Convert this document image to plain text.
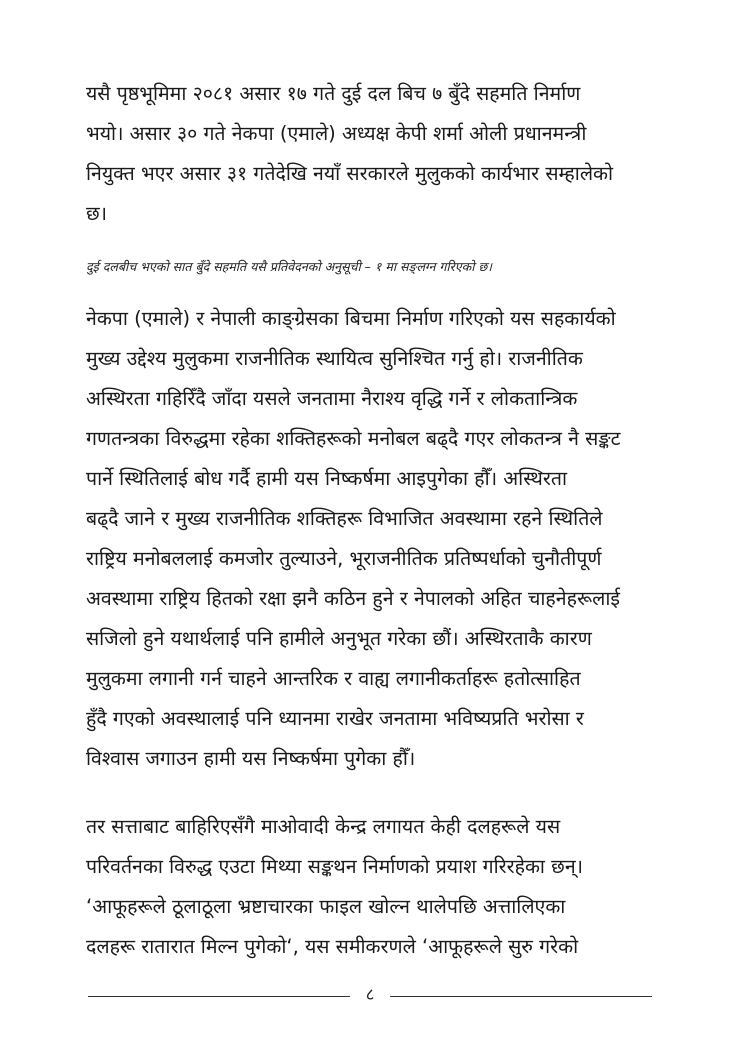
यसै पृष्ठभूमिमा २०८१ असार १७ गते दुई दल बिच ७ बुँदे सहमति निर्माण
भयो। असार ३० गते नेकपा (एमाले) अध्यक्ष केपी शर्मा ओली प्रधानमन्त्री
नियुक्त भएर असार ३१ गतेदेखि नयाँ सरकारले मुलुकको कार्यभार सम्हालेको
छ।
दुई दलबीच भएको सात बुँदे सहमति यसै प्रतिवेदनको अनुसूची – १ मा सङ्लग्न गरिएको छ।
नेकपा (एमाले) र नेपाली काङ्ग्रेसका बिचमा निर्माण गरिएको यस सहकार्यको
मुख्य उद्देश्य मुलुकमा राजनीतिक स्थायित्व सुनिश्चित गर्नु हो। राजनीतिक
अस्थिरता गहिरिँदै जाँदा यसले जनतामा नैराश्य वृद्धि गर्ने र लोकतान्त्रिक
गणतन्त्रका विरुद्धमा रहेका शक्तिहरूको मनोबल बढ्दै गएर लोकतन्त्र नै सङ्कट
पार्ने स्थितिलाई बोध गर्दै हामी यस निष्कर्षमा आइपुगेका हौँ। अस्थिरता
बढ्दै जाने र मुख्य राजनीतिक शक्तिहरू विभाजित अवस्थामा रहने स्थितिले
राष्ट्रिय मनोबललाई कमजोर तुल्याउने, भूराजनीतिक प्रतिष्पर्धाको चुनौतीपूर्ण
अवस्थामा राष्ट्रिय हितको रक्षा झनै कठिन हुने र नेपालको अहित चाहनेहरूलाई
सजिलो हुने यथार्थलाई पनि हामीले अनुभूत गरेका छौं। अस्थिरताकै कारण
मुलुकमा लगानी गर्न चाहने आन्तरिक र वाह्य लगानीकर्ताहरू हतोत्साहित
हुँदै गएको अवस्थालाई पनि ध्यानमा राखेर जनतामा भविष्यप्रति भरोसा र
विश्वास जगाउन हामी यस निष्कर्षमा पुगेका हौँ।
तर सत्ताबाट बाहिरिएसँगै माओवादी केन्द्र लगायत केही दलहरूले यस
परिवर्तनका विरुद्ध एउटा मिथ्या सङ्कथन निर्माणको प्रयाश गरिरहेका छन्।
‘आफूहरूले ठूलाठूला भ्रष्टाचारका फाइल खोल्न थालेपछि अत्तालिएका
दलहरू रातारात मिल्न पुगेको‘, यस समीकरणले ‘आफूहरूले सुरु गरेको
८
